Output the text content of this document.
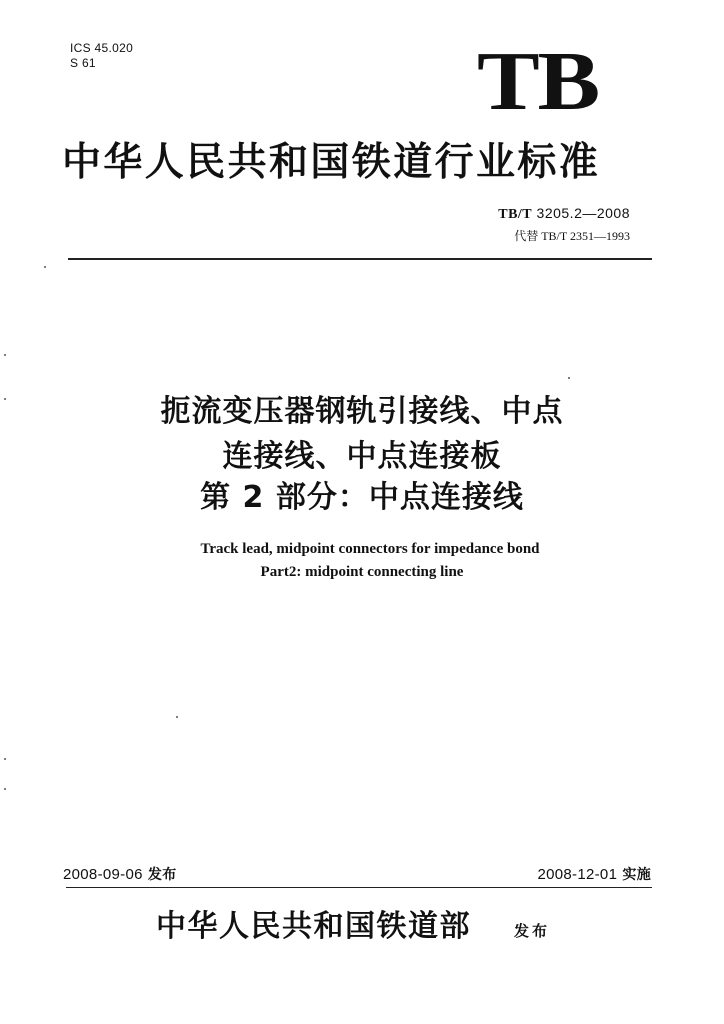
ICS 45.020
S 61	TB
中华人民共和国铁道行业标准
TB/T 3205.2—2008
代替 TB/T 2351—1993
扼流变压器钢轨引接线、中点
连接线、中点连接板
第 2 部分：中点连接线
Track lead, midpoint connectors for impedance bond
Part2: midpoint connecting line
2008-09-06 发布	2008-12-01 实施
中华人民共和国铁道部	发布
